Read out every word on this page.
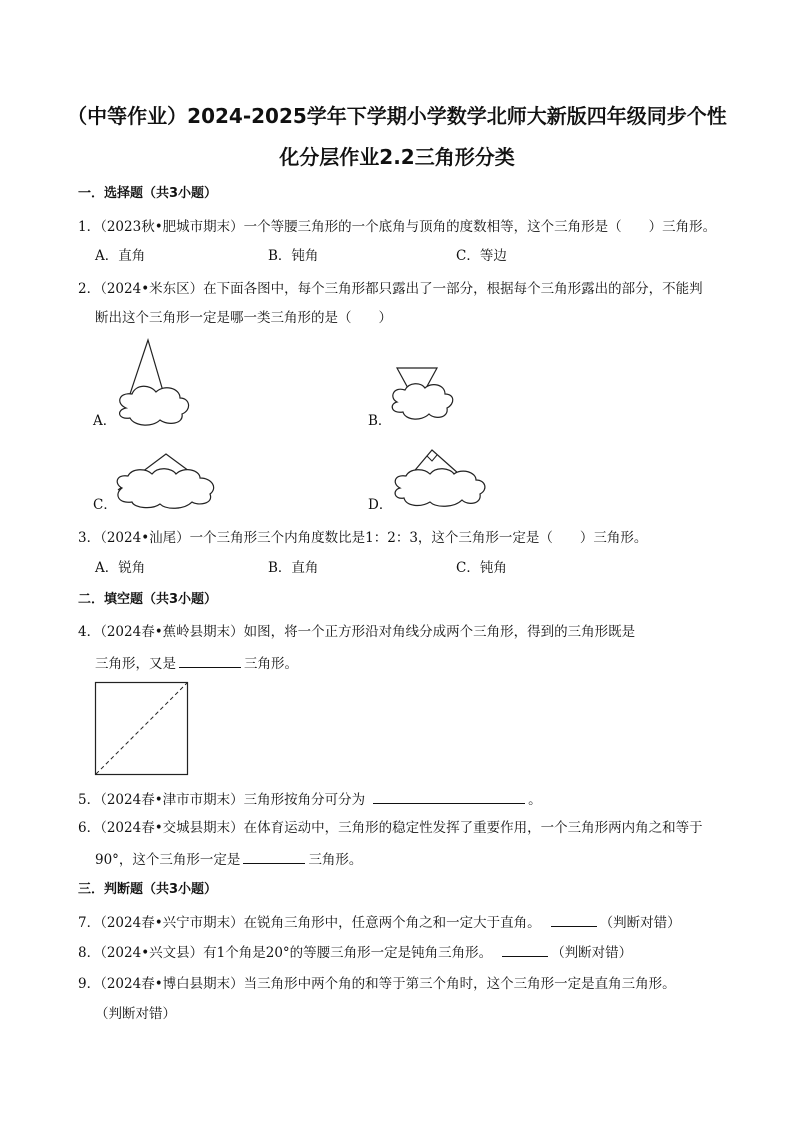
（中等作业）2024-2025学年下学期小学数学北师大新版四年级同步个性
化分层作业2.2三角形分类
一．选择题（共3小题）
1．（2023秋•肥城市期末）一个等腰三角形的一个底角与顶角的度数相等，这个三角形是（　　）三角形。
A．直角	B．钝角	C．等边
2．（2024•米东区）在下面各图中，每个三角形都只露出了一部分，根据每个三角形露出的部分，不能判
断出这个三角形一定是哪一类三角形的是（　　）
A．	B．
C．	D．
3．（2024•汕尾）一个三角形三个内角度数比是1：2：3，这个三角形一定是（　　）三角形。
A．锐角	B．直角	C．钝角
二．填空题（共3小题）
4．（2024春•蕉岭县期末）如图，将一个正方形沿对角线分成两个三角形，得到的三角形既是
三角形，又是	三角形。
5．（2024春•津市市期末）三角形按角分可分为	。
6．（2024春•交城县期末）在体育运动中，三角形的稳定性发挥了重要作用，一个三角形两内角之和等于
90°，这个三角形一定是	三角形。
三．判断题（共3小题）
7．（2024春•兴宁市期末）在锐角三角形中，任意两个角之和一定大于直角。	（判断对错）
8．（2024•兴文县）有1个角是20°的等腰三角形一定是钝角三角形。	（判断对错）
9．（2024春•博白县期末）当三角形中两个角的和等于第三个角时，这个三角形一定是直角三角形。
（判断对错）
